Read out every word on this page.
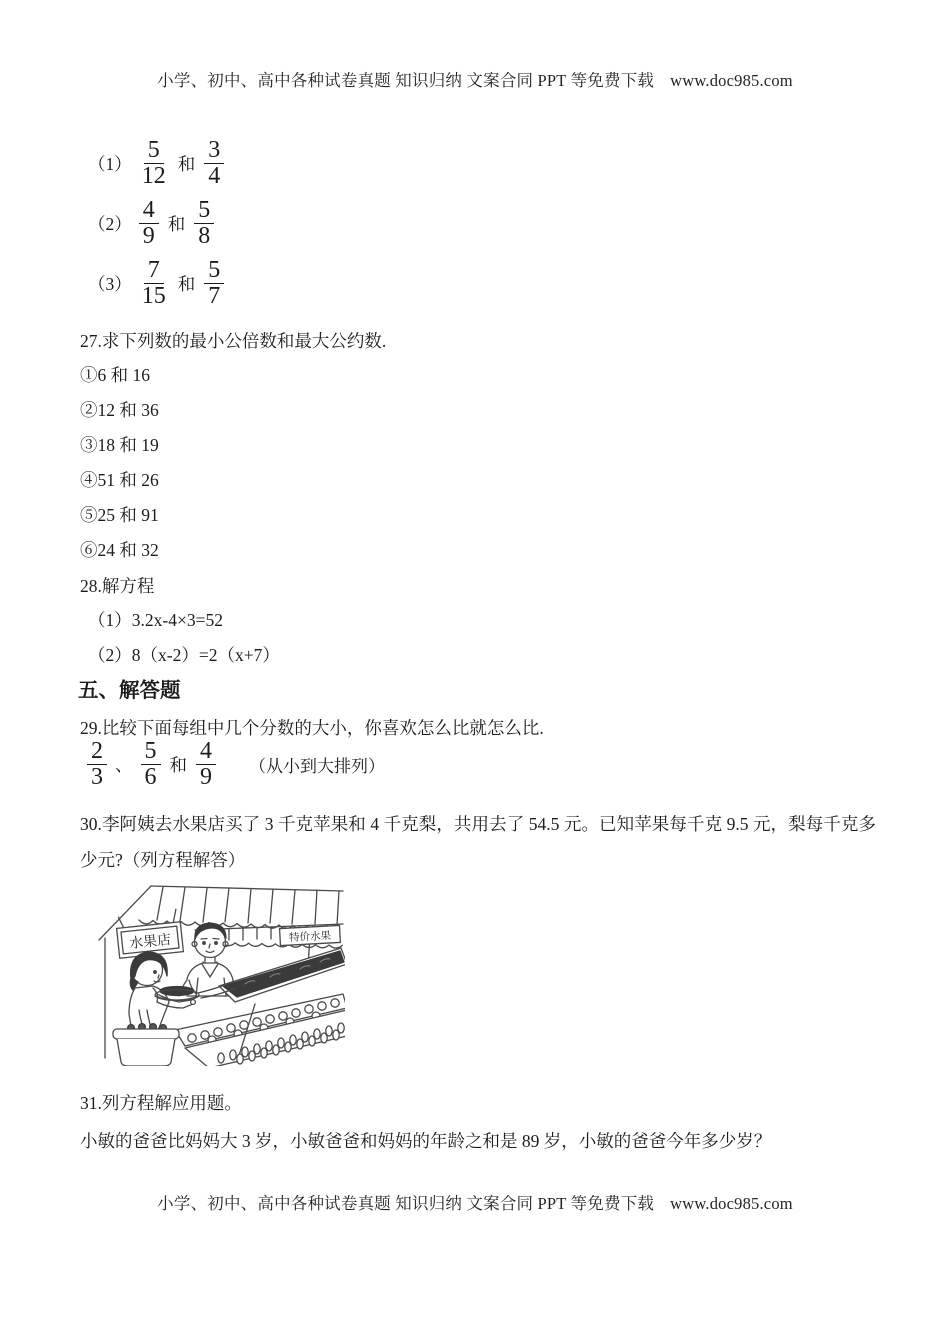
小学、初中、高中各种试卷真题 知识归纳 文案合同 PPT 等免费下载 www.doc985.com
$(1) \frac{5}{12}$ 和 $\frac{3}{4}$
$(2) \frac{4}{9}$ 和 $\frac{5}{8}$
$(3) \frac{7}{15}$ 和 $\frac{5}{7}$
27.求下列数的最小公倍数和最大公约数.
①6 和 16
②12 和 36
③18 和 19
④51 和 26
⑤25 和 91
⑥24 和 32
28.解方程
（1）3.2x-4×3=52
（2）8（x-2）=2（x+7）
五、解答题
29.比较下面每组中几个分数的大小，你喜欢怎么比就怎么比.
$\frac{2}{3}$ 、 $\frac{5}{6}$ 和 $\frac{4}{9}$ （从小到大排列）
30.李阿姨去水果店买了 3 千克苹果和 4 千克梨，共用去了 54.5 元。已知苹果每千克 9.5 元，梨每千克多少元?（列方程解答）
特价水果
水果店
31.列方程解应用题。
小敏的爸爸比妈妈大 3 岁，小敏爸爸和妈妈的年龄之和是 89 岁，小敏的爸爸今年多少岁？
小学、初中、高中各种试卷真题 知识归纳 文案合同 PPT 等免费下载 www.doc985.com
